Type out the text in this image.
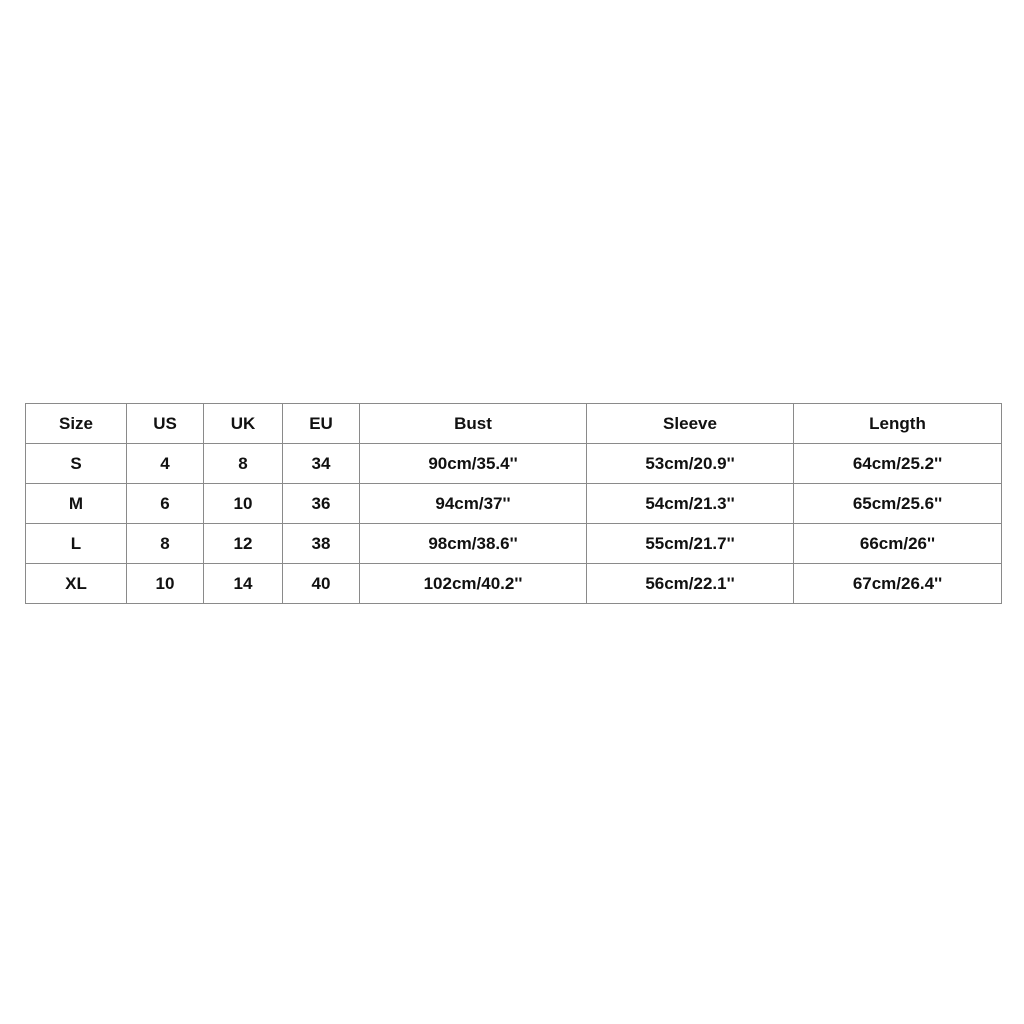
Size	US	UK	EU	Bust	Sleeve	Length
S	4	8	34	90cm/35.4''	53cm/20.9''	64cm/25.2''
M	6	10	36	94cm/37''	54cm/21.3''	65cm/25.6''
L	8	12	38	98cm/38.6''	55cm/21.7''	66cm/26''
XL	10	14	40	102cm/40.2''	56cm/22.1''	67cm/26.4''
